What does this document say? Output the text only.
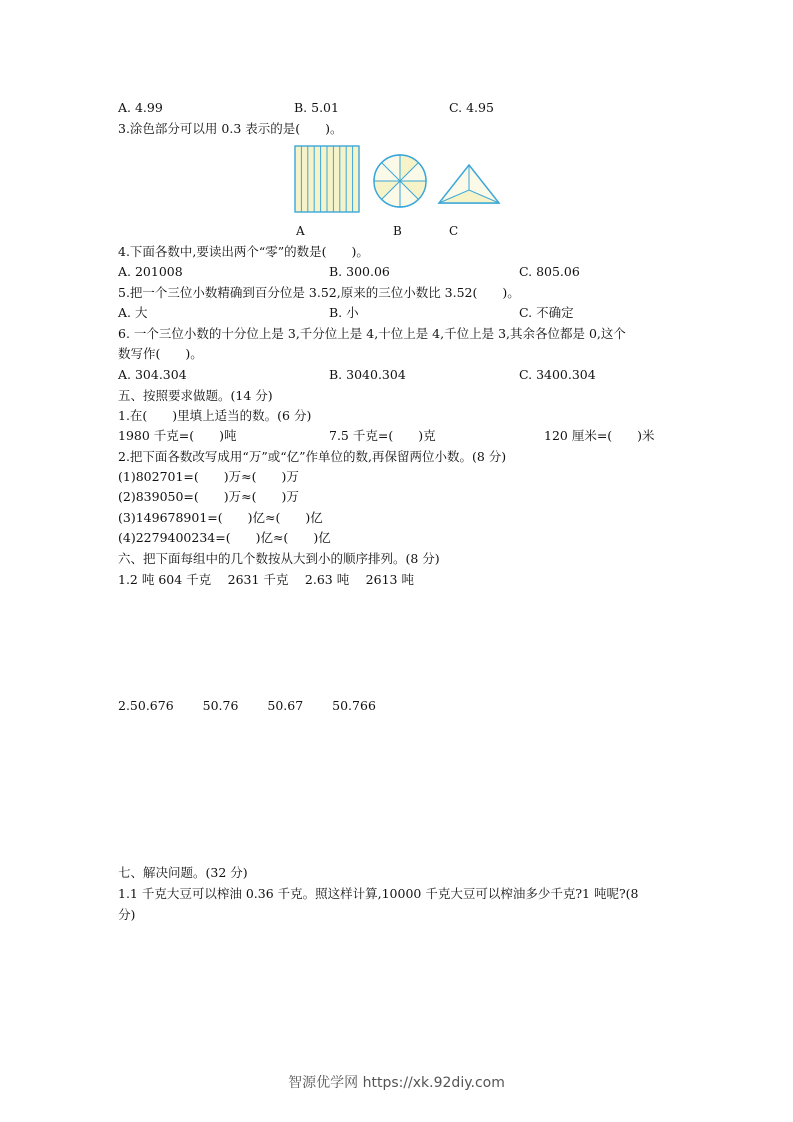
A. 4.99	B. 5.01	C. 4.95
3.涂色部分可以用 0.3 表示的是(　　)。
A	B	C
4.下面各数中,要读出两个“零”的数是(　　)。
A. 201008	B. 300.06	C. 805.06
5.把一个三位小数精确到百分位是 3.52,原来的三位小数比 3.52(　　)。
A. 大	B. 小	C. 不确定
6. 一个三位小数的十分位上是 3,千分位上是 4,十位上是 4,千位上是 3,其余各位都是 0,这个
数写作(　　)。
A. 304.304	B. 3040.304	C. 3400.304
五、按照要求做题。(14 分)
1.在(　　)里填上适当的数。(6 分)
1980 千克=(　　)吨	7.5 千克=(　　)克	120 厘米=(　　)米
2.把下面各数改写成用“万”或“亿”作单位的数,再保留两位小数。(8 分)
(1)802701=(　　)万≈(　　)万
(2)839050=(　　)万≈(　　)万
(3)149678901=(　　)亿≈(　　)亿
(4)2279400234=(　　)亿≈(　　)亿
六、把下面每组中的几个数按从大到小的顺序排列。(8 分)
1.2 吨 604 千克　 2631 千克　 2.63 吨　 2613 吨
2.50.676　 　50.76　 　50.67　 　50.766
七、解决问题。(32 分)
1.1 千克大豆可以榨油 0.36 千克。照这样计算,10000 千克大豆可以榨油多少千克?1 吨呢?(8
分)
智源优学网 https://xk.92diy.com
